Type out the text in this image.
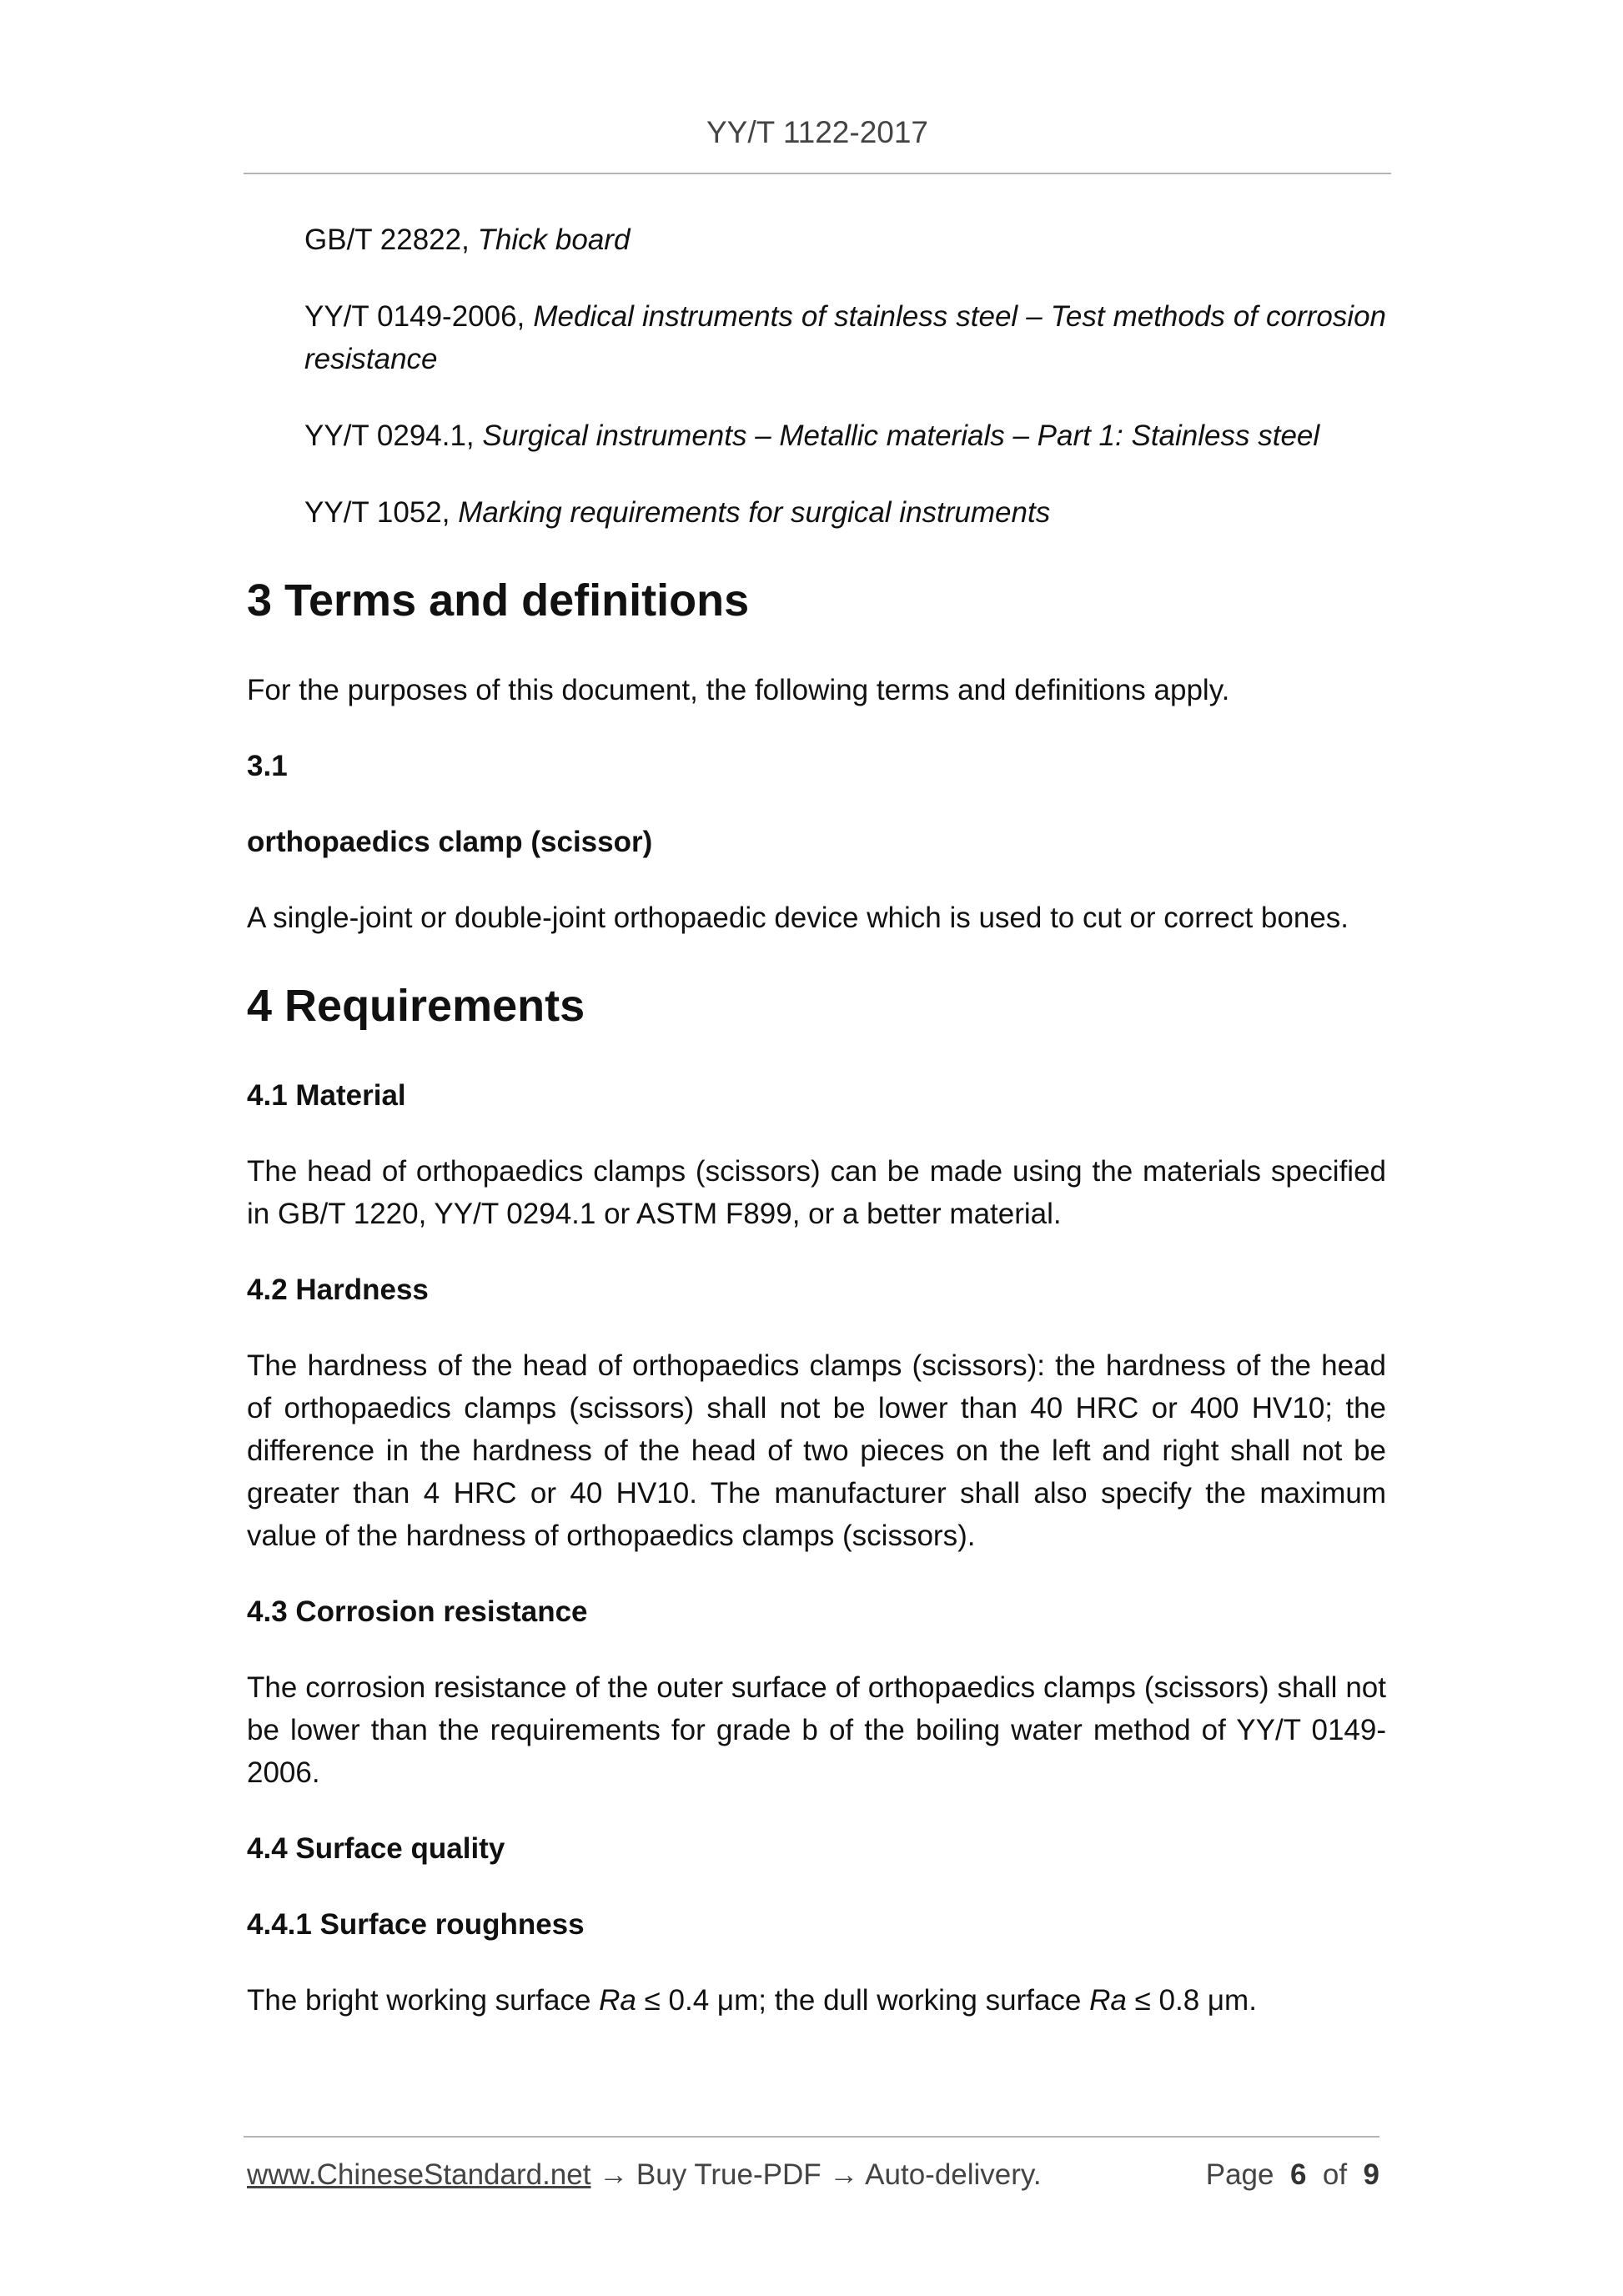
YY/T 1122-2017

GB/T 22822, Thick board

YY/T 0149-2006, Medical instruments of stainless steel – Test methods of corrosion resistance

YY/T 0294.1, Surgical instruments – Metallic materials – Part 1: Stainless steel

YY/T 1052, Marking requirements for surgical instruments

3 Terms and definitions

For the purposes of this document, the following terms and definitions apply.

3.1
orthopaedics clamp (scissor)

A single-joint or double-joint orthopaedic device which is used to cut or correct bones.

4 Requirements
4.1 Material

The head of orthopaedics clamps (scissors) can be made using the materials specified in GB/T 1220, YY/T 0294.1 or ASTM F899, or a better material.

4.2 Hardness

The hardness of the head of orthopaedics clamps (scissors): the hardness of the head of orthopaedics clamps (scissors) shall not be lower than 40 HRC or 400 HV10; the difference in the hardness of the head of two pieces on the left and right shall not be greater than 4 HRC or 40 HV10. The manufacturer shall also specify the maximum value of the hardness of orthopaedics clamps (scissors).

4.3 Corrosion resistance

The corrosion resistance of the outer surface of orthopaedics clamps (scissors) shall not be lower than the requirements for grade b of the boiling water method of YY/T 0149-2006.

4.4 Surface quality
4.4.1 Surface roughness

The bright working surface Ra ≤ 0.4 μm; the dull working surface Ra ≤ 0.8 μm.

www.ChineseStandard.net → Buy True-PDF → Auto-delivery.	Page 6 of 9
